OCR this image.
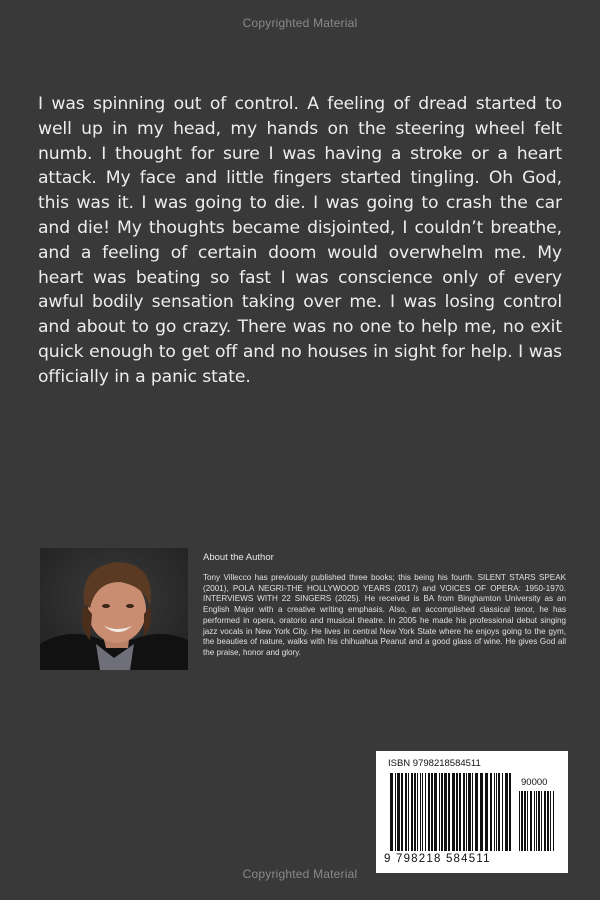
Copyrighted Material

I was spinning out of control. A feeling of dread started to well up in my head, my hands on the steering wheel felt numb. I thought for sure I was having a stroke or a heart attack. My face and little fingers started tingling. Oh God, this was it. I was going to die. I was going to crash the car and die! My thoughts became disjointed, I couldn’t breathe, and a feeling of certain doom would overwhelm me. My heart was beating so fast I was conscience only of every awful bodily sensation taking over me. I was losing control and about to go crazy. There was no one to help me, no exit quick enough to get off and no houses in sight for help. I was officially in a panic state.

About the Author

Tony Villecco has previously published three books; this being his fourth. SILENT STARS SPEAK (2001), POLA NEGRI-THE HOLLYWOOD YEARS (2017) and VOICES OF OPERA: 1950-1970. INTERVIEWS WITH 22 SINGERS (2025). He received is BA from Binghamton University as an English Major with a creative writing emphasis. Also, an accomplished classical tenor, he has performed in opera, oratorio and musical theatre. In 2005 he made his professional debut singing jazz vocals in New York City. He lives in central New York State where he enjoys going to the gym, the beauties of nature, walks with his chihuahua Peanut and a good glass of wine. He gives God all the praise, honor and glory.

ISBN 9798218584511
90000
9 798218 584511
Copyrighted Material
